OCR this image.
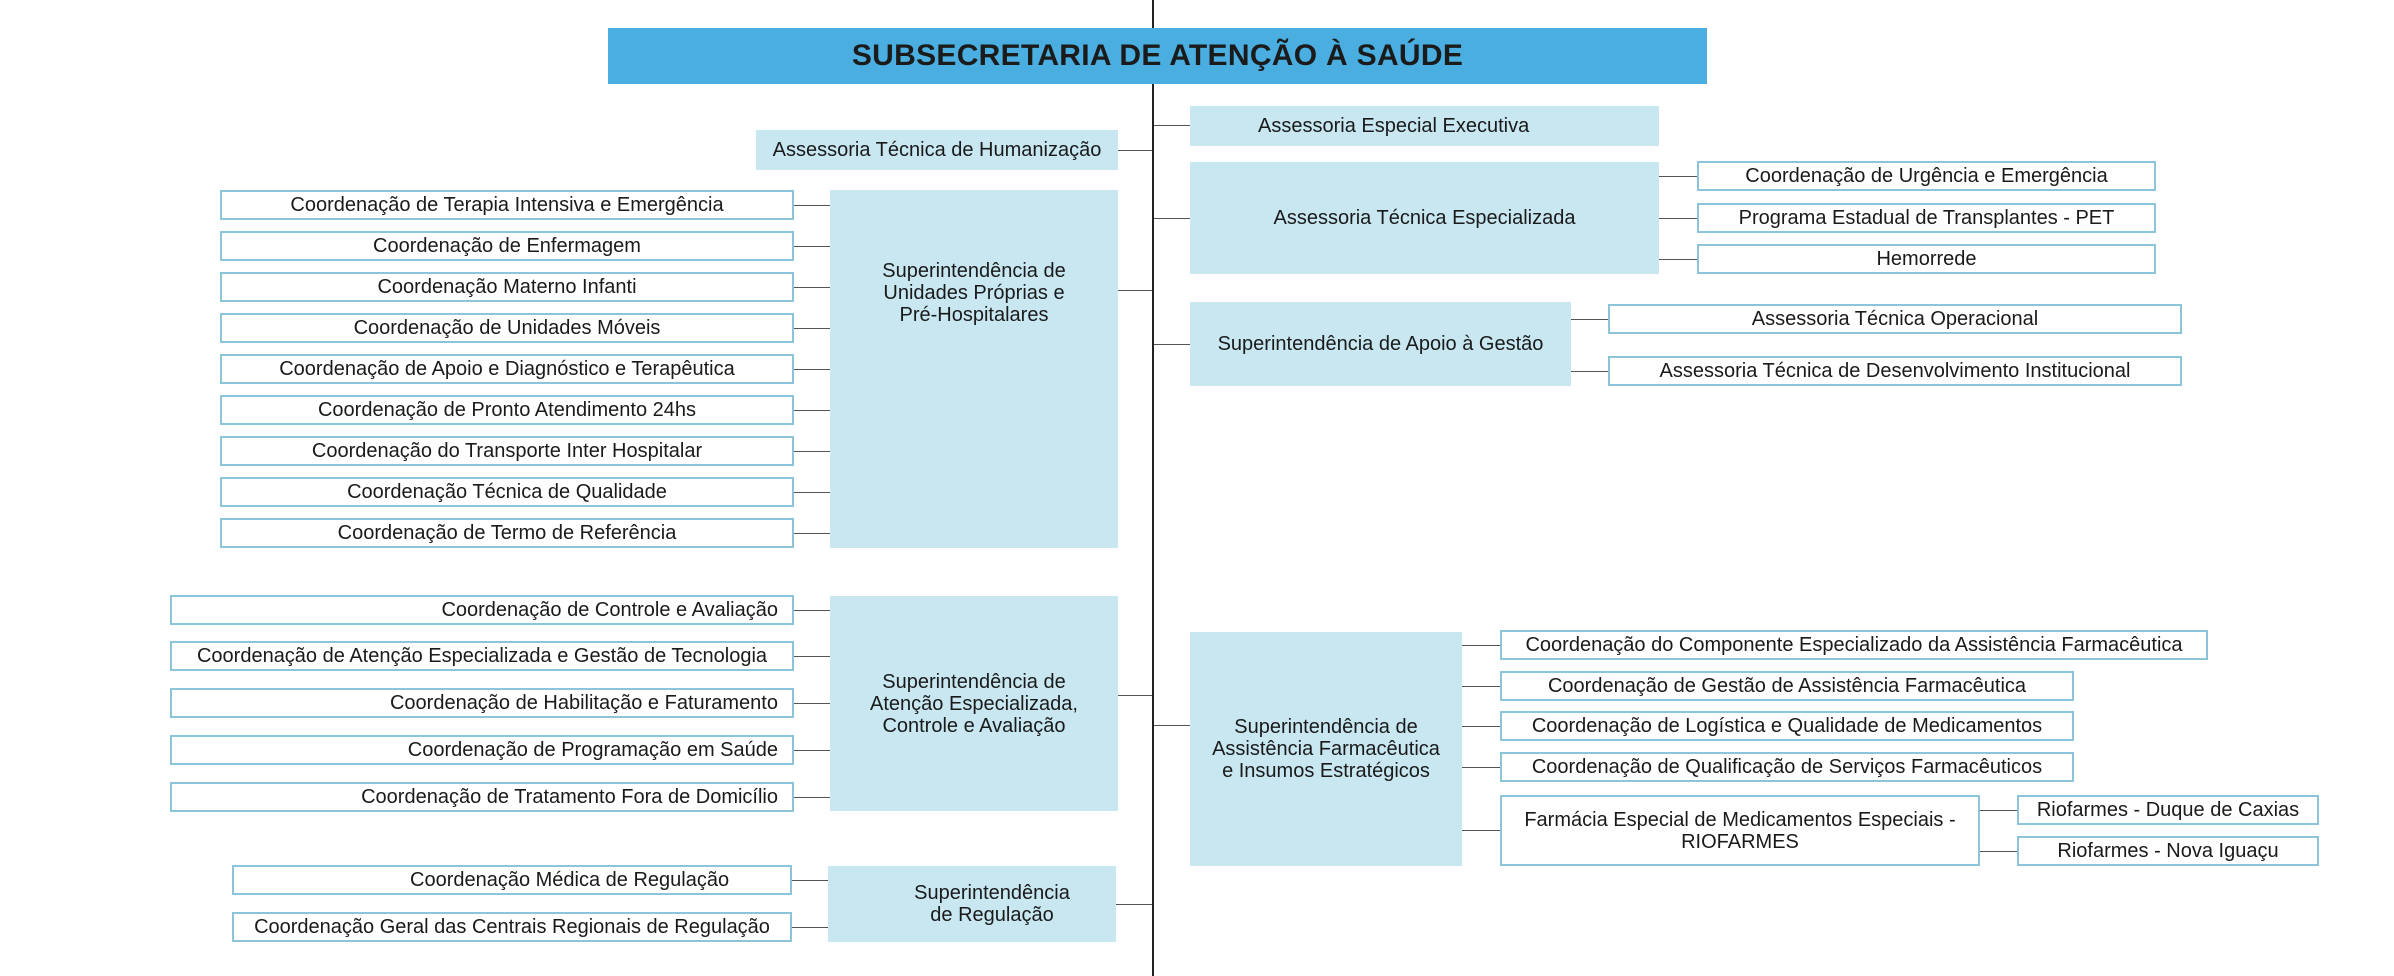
SUBSECRETARIA DE ATENÇÃO À SAÚDE
Assessoria Técnica de Humanização
Superintendência de
Unidades Próprias e
Pré-Hospitalares
Coordenação de Terapia Intensiva e Emergência
Coordenação de Enfermagem
Coordenação Materno Infanti
Coordenação de Unidades Móveis
Coordenação de Apoio e Diagnóstico e Terapêutica
Coordenação de Pronto Atendimento 24hs
Coordenação do Transporte Inter Hospitalar
Coordenação Técnica de Qualidade
Coordenação de Termo de Referência
Superintendência de
Atenção Especializada,
Controle e Avaliação
Coordenação de Controle e Avaliação
Coordenação de Atenção Especializada e Gestão de Tecnologia
Coordenação de Habilitação e Faturamento
Coordenação de Programação em Saúde
Coordenação de Tratamento Fora de Domicílio
Superintendência
de Regulação
Coordenação Médica de Regulação
Coordenação Geral das Centrais Regionais de Regulação
Assessoria Especial Executiva
Assessoria Técnica Especializada
Coordenação de Urgência e Emergência
Programa Estadual de Transplantes - PET
Hemorrede
Superintendência de Apoio à Gestão
Assessoria Técnica Operacional
Assessoria Técnica de Desenvolvimento Institucional
Superintendência de
Assistência Farmacêutica
e Insumos Estratégicos
Coordenação do Componente Especializado da Assistência Farmacêutica
Coordenação de Gestão de Assistência Farmacêutica
Coordenação de Logística e Qualidade de Medicamentos
Coordenação de Qualificação de Serviços Farmacêuticos
Farmácia Especial de Medicamentos Especiais -
RIOFARMES
Riofarmes - Duque de Caxias
Riofarmes - Nova Iguaçu
